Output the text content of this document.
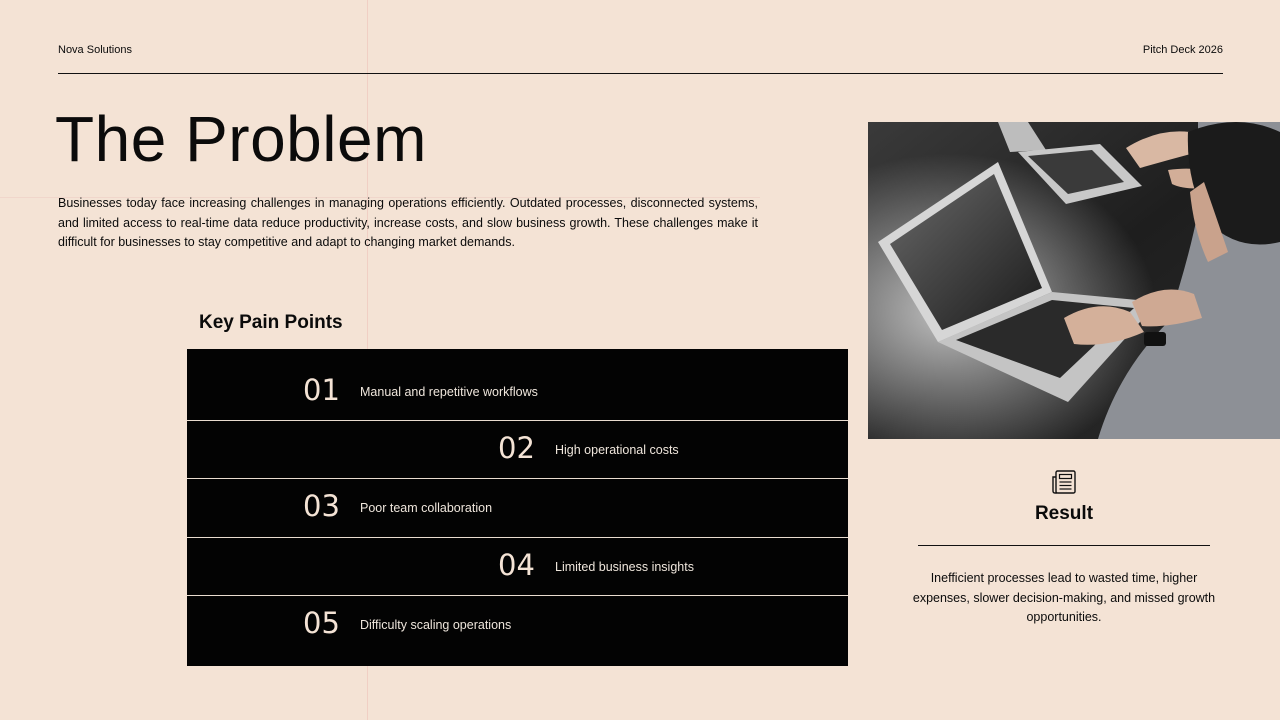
Nova Solutions	Pitch Deck 2026
The Problem

Businesses today face increasing challenges in managing operations efficiently. Outdated processes, disconnected systems, and limited access to real-time data reduce productivity, increase costs, and slow business growth. These challenges make it difficult for businesses to stay competitive and adapt to changing market demands.

Key Pain Points
01 Manual and repetitive workflows
02 High operational costs
03 Poor team collaboration
04 Limited business insights
05 Difficulty scaling operations
Result

Inefficient processes lead to wasted time, higher expenses, slower decision-making, and missed growth opportunities.
